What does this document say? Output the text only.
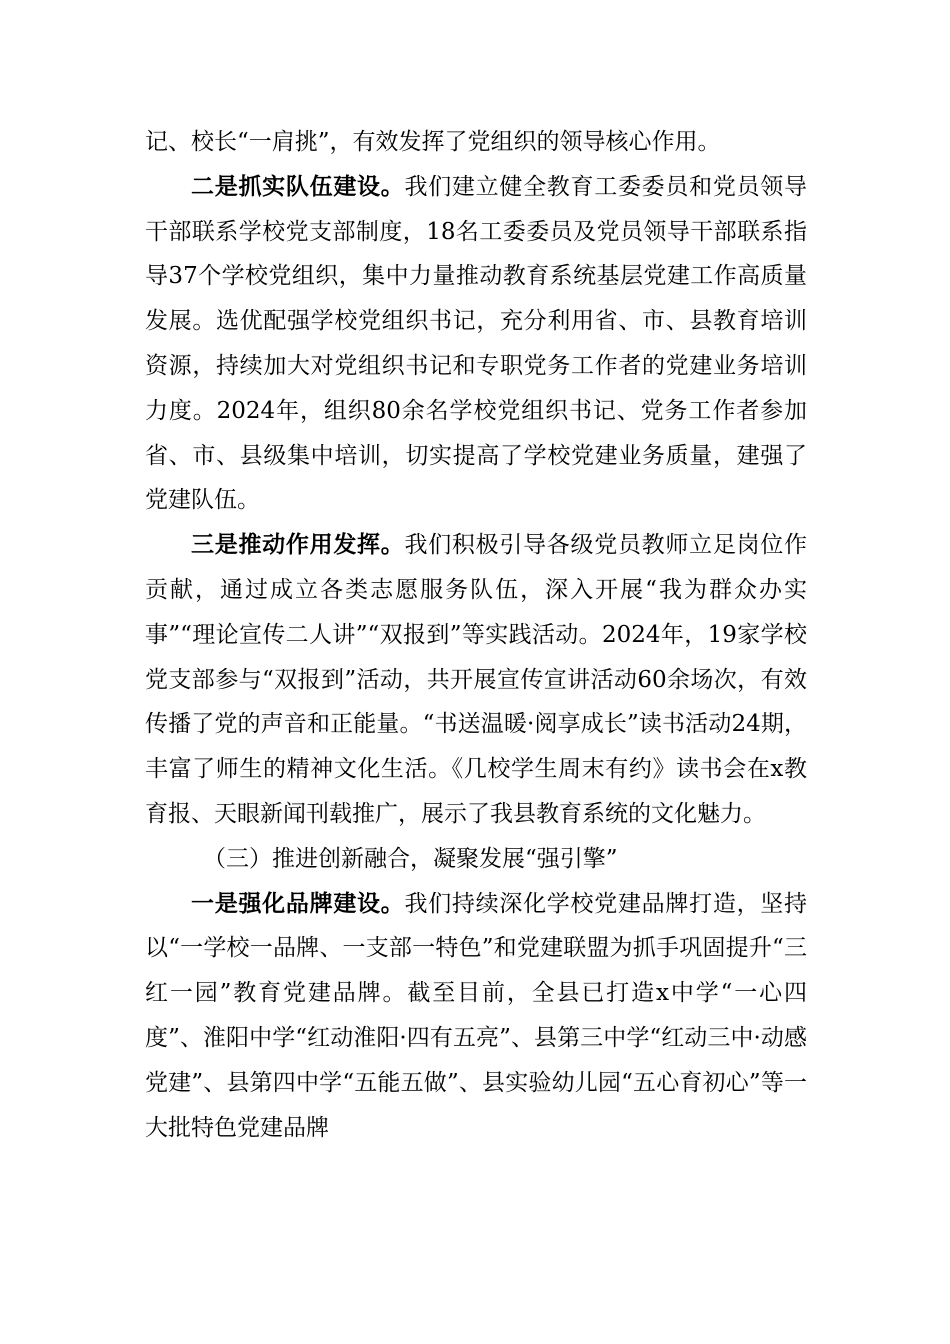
记、校长“一肩挑”，有效发挥了党组织的领导核心作用。

二是抓实队伍建设。我们建立健全教育工委委员和党员领导干部联系学校党支部制度，18名工委委员及党员领导干部联系指导37个学校党组织，集中力量推动教育系统基层党建工作高质量发展。选优配强学校党组织书记，充分利用省、市、县教育培训资源，持续加大对党组织书记和专职党务工作者的党建业务培训力度。2024年，组织80余名学校党组织书记、党务工作者参加省、市、县级集中培训，切实提高了学校党建业务质量，建强了党建队伍。

三是推动作用发挥。我们积极引导各级党员教师立足岗位作贡献，通过成立各类志愿服务队伍，深入开展“我为群众办实事”“理论宣传二人讲”“双报到”等实践活动。2024年，19家学校党支部参与“双报到”活动，共开展宣传宣讲活动60余场次，有效传播了党的声音和正能量。“书送温暖·阅享成长”读书活动24期，丰富了师生的精神文化生活。《几校学生周末有约》读书会在x教育报、天眼新闻刊载推广，展示了我县教育系统的文化魅力。

（三）推进创新融合，凝聚发展“强引擎”

一是强化品牌建设。我们持续深化学校党建品牌打造，坚持以“一学校一品牌、一支部一特色”和党建联盟为抓手巩固提升“三红一园”教育党建品牌。截至目前，全县已打造x中学“一心四度”、淮阳中学“红动淮阳·四有五亮”、县第三中学“红动三中·动感党建”、县第四中学“五能五做”、县实验幼儿园“五心育初心”等一大批特色党建品牌
